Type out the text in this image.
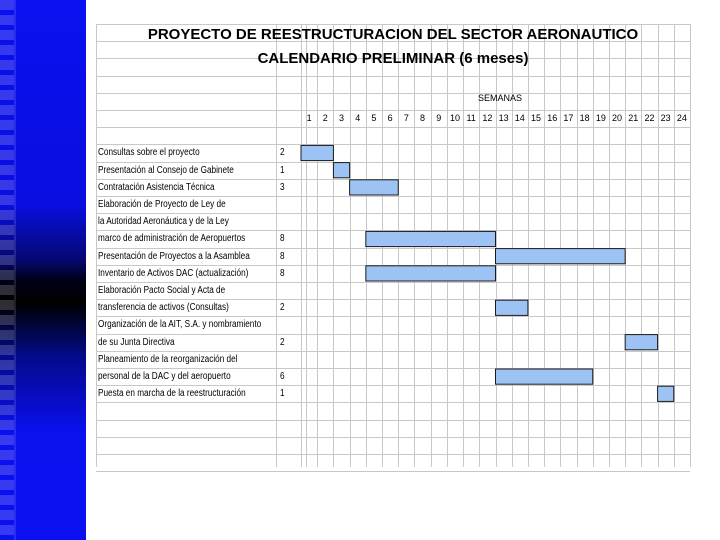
PROYECTO DE REESTRUCTURACION DEL SECTOR AERONAUTICO
CALENDARIO PRELIMINAR (6 meses)
SEMANAS
1	2	3	4	5	6	7	8	9 10 11 12 13 14 15 16 17 18 19 20 21 22 23 24
Consultas sobre el proyecto	2
Presentación al Consejo de Gabinete	1
Contratación Asistencia Técnica	3
Elaboración de Proyecto de Ley de
la Autoridad Aeronáutica y de la Ley
marco de administración de Aeropuertos	8
Presentación de Proyectos a la Asamblea	8
Inventario de Activos DAC (actualización)	8
Elaboración Pacto Social y Acta de
transferencia de activos (Consultas)	2
Organización de la AIT, S.A. y nombramiento
de su Junta Directiva	2
Planeamiento de la reorganización del
personal de la DAC y del aeropuerto	6
Puesta en marcha de la reestructuración	1
